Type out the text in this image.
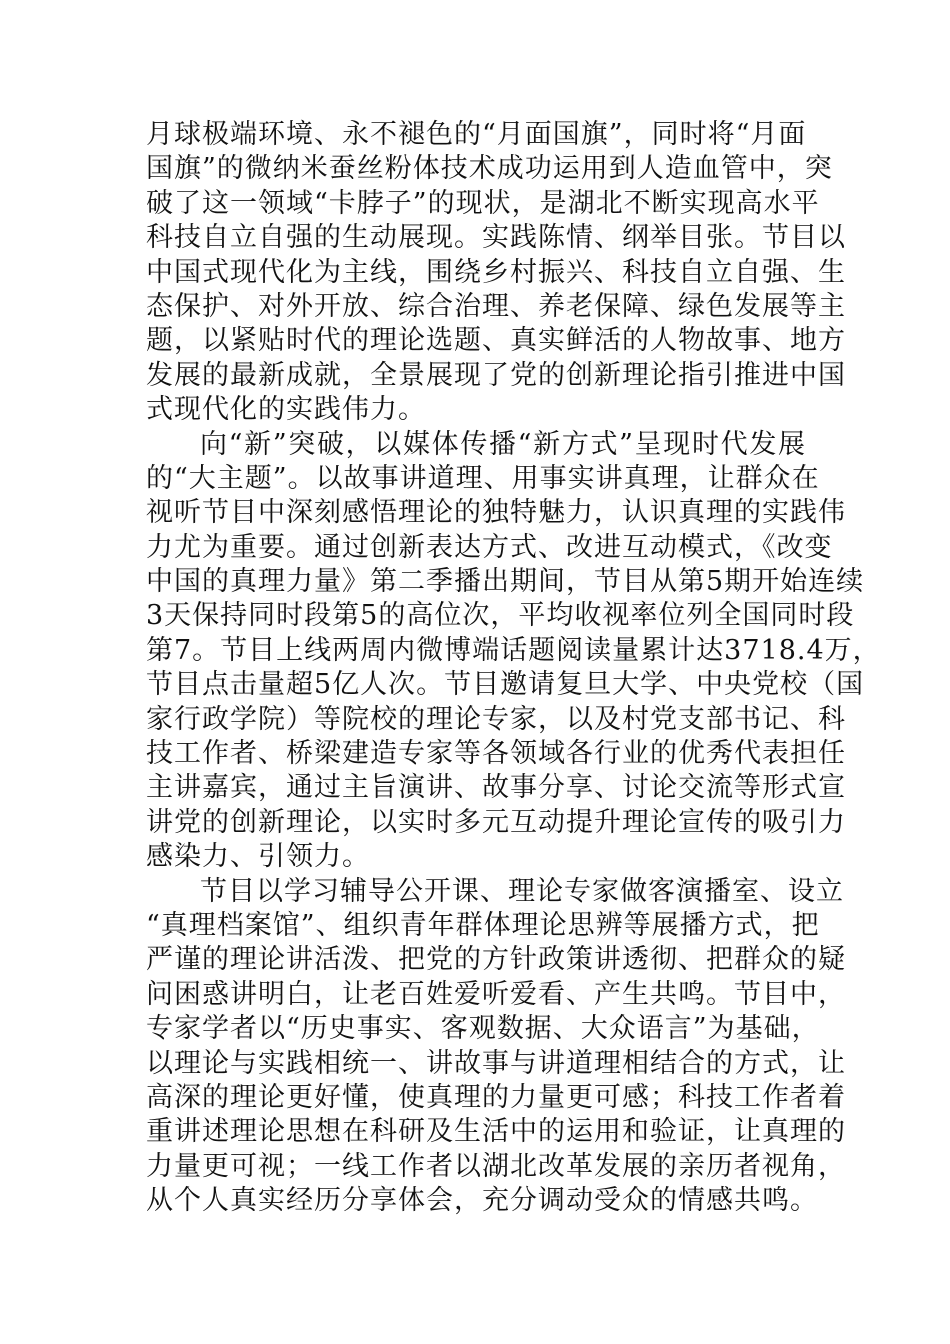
月球极端环境、永不褪色的“月面国旗”，同时将“月面
国旗”的微纳米蚕丝粉体技术成功运用到人造血管中，突
破了这一领域“卡脖子”的现状，是湖北不断实现高水平
科技自立自强的生动展现。实践陈情、纲举目张。节目以
中国式现代化为主线，围绕乡村振兴、科技自立自强、生
态保护、对外开放、综合治理、养老保障、绿色发展等主
题，以紧贴时代的理论选题、真实鲜活的人物故事、地方
发展的最新成就，全景展现了党的创新理论指引推进中国
式现代化的实践伟力。
向“新”突破，以媒体传播“新方式”呈现时代发展
的“大主题”。以故事讲道理、用事实讲真理，让群众在
视听节目中深刻感悟理论的独特魅力，认识真理的实践伟
力尤为重要。通过创新表达方式、改进互动模式，《改变
中国的真理力量》第二季播出期间，节目从第5期开始连续
3天保持同时段第5的高位次，平均收视率位列全国同时段
第7。节目上线两周内微博端话题阅读量累计达3718.4万，
节目点击量超5亿人次。节目邀请复旦大学、中央党校（国
家行政学院）等院校的理论专家，以及村党支部书记、科
技工作者、桥梁建造专家等各领域各行业的优秀代表担任
主讲嘉宾，通过主旨演讲、故事分享、讨论交流等形式宣
讲党的创新理论，以实时多元互动提升理论宣传的吸引力
感染力、引领力。
节目以学习辅导公开课、理论专家做客演播室、设立
“真理档案馆”、组织青年群体理论思辨等展播方式，把
严谨的理论讲活泼、把党的方针政策讲透彻、把群众的疑
问困惑讲明白，让老百姓爱听爱看、产生共鸣。节目中，
专家学者以“历史事实、客观数据、大众语言”为基础，
以理论与实践相统一、讲故事与讲道理相结合的方式，让
高深的理论更好懂，使真理的力量更可感；科技工作者着
重讲述理论思想在科研及生活中的运用和验证，让真理的
力量更可视；一线工作者以湖北改革发展的亲历者视角，
从个人真实经历分享体会，充分调动受众的情感共鸣。
